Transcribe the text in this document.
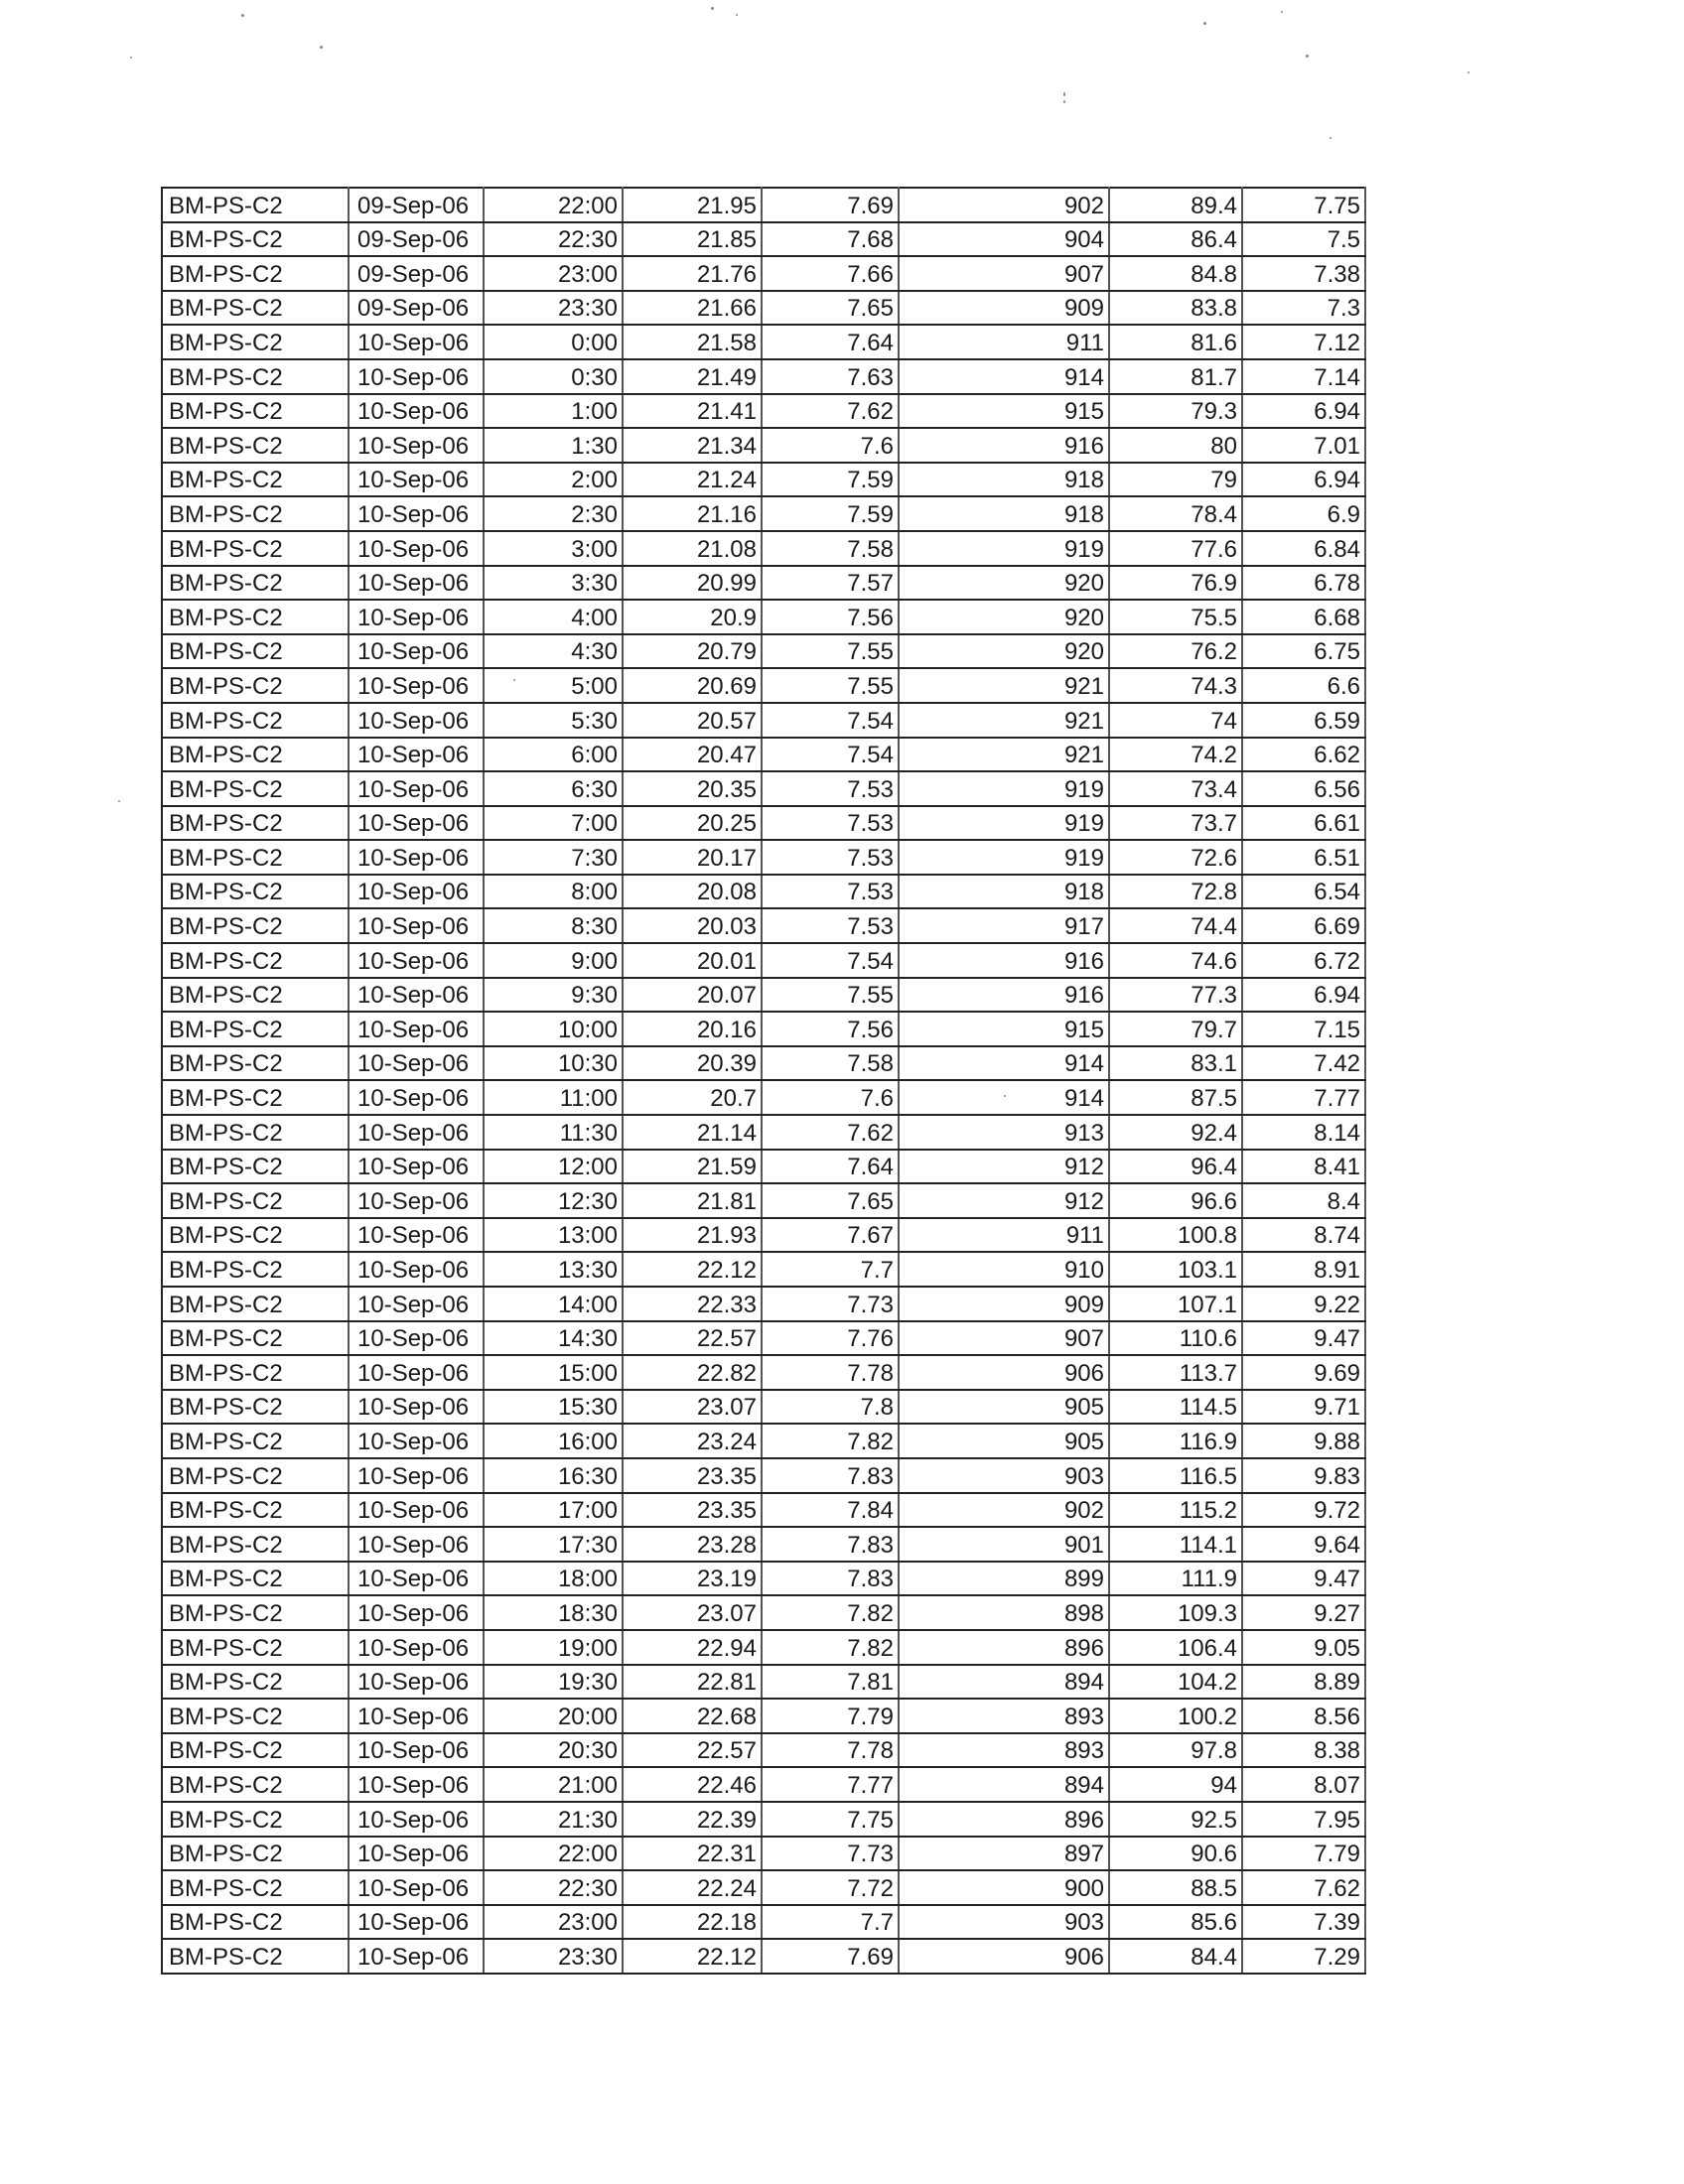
BM-PS-C2	09-Sep-06	22:00	21.95	7.69	902	89.4	7.75
BM-PS-C2	09-Sep-06	22:30	21.85	7.68	904	86.4	7.5
BM-PS-C2	09-Sep-06	23:00	21.76	7.66	907	84.8	7.38
BM-PS-C2	09-Sep-06	23:30	21.66	7.65	909	83.8	7.3
BM-PS-C2	10-Sep-06	0:00	21.58	7.64	911	81.6	7.12
BM-PS-C2	10-Sep-06	0:30	21.49	7.63	914	81.7	7.14
BM-PS-C2	10-Sep-06	1:00	21.41	7.62	915	79.3	6.94
BM-PS-C2	10-Sep-06	1:30	21.34	7.6	916	80	7.01
BM-PS-C2	10-Sep-06	2:00	21.24	7.59	918	79	6.94
BM-PS-C2	10-Sep-06	2:30	21.16	7.59	918	78.4	6.9
BM-PS-C2	10-Sep-06	3:00	21.08	7.58	919	77.6	6.84
BM-PS-C2	10-Sep-06	3:30	20.99	7.57	920	76.9	6.78
BM-PS-C2	10-Sep-06	4:00	20.9	7.56	920	75.5	6.68
BM-PS-C2	10-Sep-06	4:30	20.79	7.55	920	76.2	6.75
BM-PS-C2	10-Sep-06	5:00	20.69	7.55	921	74.3	6.6
BM-PS-C2	10-Sep-06	5:30	20.57	7.54	921	74	6.59
BM-PS-C2	10-Sep-06	6:00	20.47	7.54	921	74.2	6.62
BM-PS-C2	10-Sep-06	6:30	20.35	7.53	919	73.4	6.56
BM-PS-C2	10-Sep-06	7:00	20.25	7.53	919	73.7	6.61
BM-PS-C2	10-Sep-06	7:30	20.17	7.53	919	72.6	6.51
BM-PS-C2	10-Sep-06	8:00	20.08	7.53	918	72.8	6.54
BM-PS-C2	10-Sep-06	8:30	20.03	7.53	917	74.4	6.69
BM-PS-C2	10-Sep-06	9:00	20.01	7.54	916	74.6	6.72
BM-PS-C2	10-Sep-06	9:30	20.07	7.55	916	77.3	6.94
BM-PS-C2	10-Sep-06	10:00	20.16	7.56	915	79.7	7.15
BM-PS-C2	10-Sep-06	10:30	20.39	7.58	914	83.1	7.42
BM-PS-C2	10-Sep-06	11:00	20.7	7.6	914	87.5	7.77
BM-PS-C2	10-Sep-06	11:30	21.14	7.62	913	92.4	8.14
BM-PS-C2	10-Sep-06	12:00	21.59	7.64	912	96.4	8.41
BM-PS-C2	10-Sep-06	12:30	21.81	7.65	912	96.6	8.4
BM-PS-C2	10-Sep-06	13:00	21.93	7.67	911	100.8	8.74
BM-PS-C2	10-Sep-06	13:30	22.12	7.7	910	103.1	8.91
BM-PS-C2	10-Sep-06	14:00	22.33	7.73	909	107.1	9.22
BM-PS-C2	10-Sep-06	14:30	22.57	7.76	907	110.6	9.47
BM-PS-C2	10-Sep-06	15:00	22.82	7.78	906	113.7	9.69
BM-PS-C2	10-Sep-06	15:30	23.07	7.8	905	114.5	9.71
BM-PS-C2	10-Sep-06	16:00	23.24	7.82	905	116.9	9.88
BM-PS-C2	10-Sep-06	16:30	23.35	7.83	903	116.5	9.83
BM-PS-C2	10-Sep-06	17:00	23.35	7.84	902	115.2	9.72
BM-PS-C2	10-Sep-06	17:30	23.28	7.83	901	114.1	9.64
BM-PS-C2	10-Sep-06	18:00	23.19	7.83	899	111.9	9.47
BM-PS-C2	10-Sep-06	18:30	23.07	7.82	898	109.3	9.27
BM-PS-C2	10-Sep-06	19:00	22.94	7.82	896	106.4	9.05
BM-PS-C2	10-Sep-06	19:30	22.81	7.81	894	104.2	8.89
BM-PS-C2	10-Sep-06	20:00	22.68	7.79	893	100.2	8.56
BM-PS-C2	10-Sep-06	20:30	22.57	7.78	893	97.8	8.38
BM-PS-C2	10-Sep-06	21:00	22.46	7.77	894	94	8.07
BM-PS-C2	10-Sep-06	21:30	22.39	7.75	896	92.5	7.95
BM-PS-C2	10-Sep-06	22:00	22.31	7.73	897	90.6	7.79
BM-PS-C2	10-Sep-06	22:30	22.24	7.72	900	88.5	7.62
BM-PS-C2	10-Sep-06	23:00	22.18	7.7	903	85.6	7.39
BM-PS-C2	10-Sep-06	23:30	22.12	7.69	906	84.4	7.29
